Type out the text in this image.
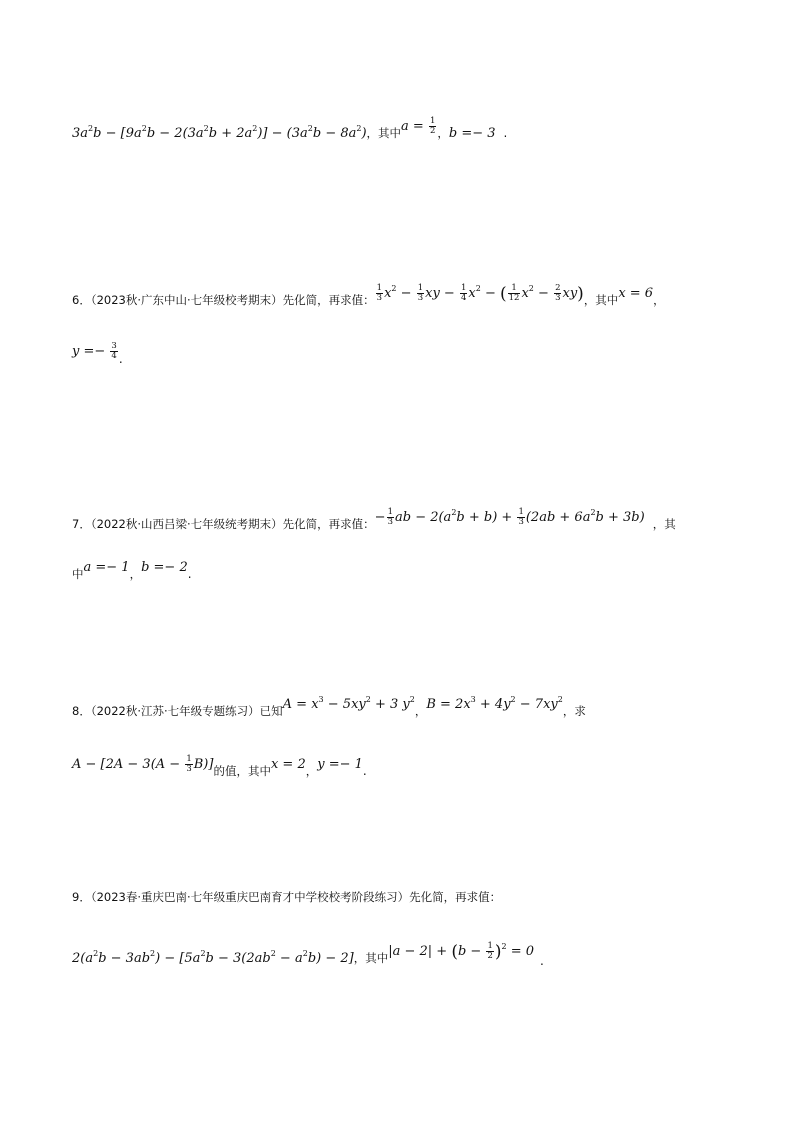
$3a^2b - [9a^2b - 2(3a^2b + 2a^2)] - (3a^2b - 8a^2)$，其中$a = \frac{1}{2}$ ，b =− 3 .
6．（2023秋·广东中山·七年级校考期末）先化简，再求值： $\frac{1}{3} x^2 - \frac{1}{3}$ xy − $\frac{1}{4} x^2$ − ( $\frac{1}{12} x^2 - \frac{2}{3} xy$)，其中x = 6，
$y =- \frac{3}{4}$ .
7．（2022秋·山西吕梁·七年级统考期末）先化简，再求值：− $\frac{1}{3}$ ab − $2(a^2b + b) + \frac{1}{3} (2ab + 6a^2b + 3b)$ ，其
中a =− 1，b =− 2.
8．（2022秋·江苏·七年级专题练习）已知$A = x^3 - 5xy^2 + 3$ $y^2$，$B = 2x^3 + 4y^2 - 7xy^2$，求
$A - [2A - 3(A - \frac{1}{3} B)]$的值，其中x = 2，y =− 1.
9．（2023春·重庆巴南·七年级重庆巴南育才中学校校考阶段练习）先化简，再求值：
$2(a^2b - 3ab^2) - [5a^2b - 3(2ab^2 - a^2b) - 2]$，其中$|a - 2| + (b - \frac{1}{2} )^2 = 0$.
